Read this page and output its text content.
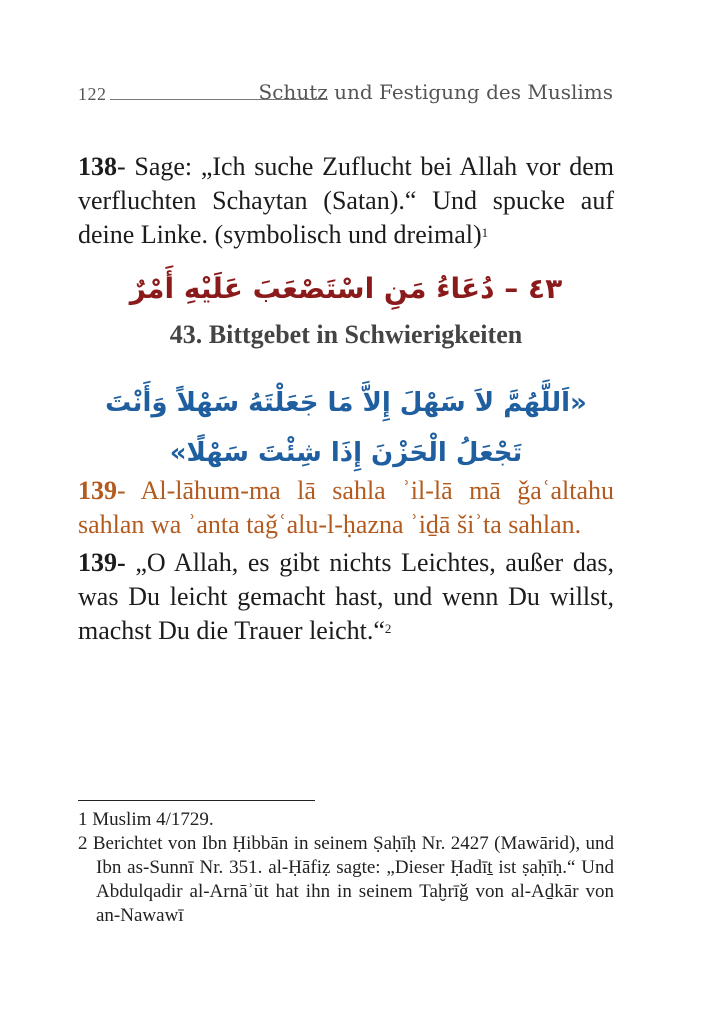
122	Schutz und Festigung des Muslims

138- Sage: „Ich suche Zuflucht bei Allah vor dem verfluchten Schaytan (Satan).“ Und spucke auf deine Linke. (symbolisch und dreimal)$^1$

٤٣ – دُعَاءُ مَنِ اسْتَصْعَبَ عَلَيْهِ أَمْرٌ
43. Bittgebet in Schwierigkeiten
«اَللَّهُمَّ لاَ سَهْلَ إِلاَّ مَا جَعَلْتَهُ سَهْلاً وَأَنْتَ تَجْعَلُ الْحَزْنَ إِذَا شِئْتَ سَهْلًا»

139- Al-lāhum-ma lā sahla ʾil-lā mā ǧaʿaltahu sahlan wa ʾanta taǧʿalu-l-ḥazna ʾiḏā šiʾta sahlan.

139- „O Allah, es gibt nichts Leichtes, außer das, was Du leicht gemacht hast, und wenn Du willst, machst Du die Trauer leicht.“$^2$

1 Muslim 4/1729.

2 Berichtet von Ibn Ḥibbān in seinem Ṣaḥīḥ Nr. 2427 (Mawārid), und Ibn as-Sunnī Nr. 351. al-Ḥāfiẓ sagte: „Dieser Ḥadīṯ ist ṣaḥīḥ.“ Und Abdulqadir al-Arnāʾūt hat ihn in seinem Taḫrīǧ von al-Aḏkār von an-Nawawī
